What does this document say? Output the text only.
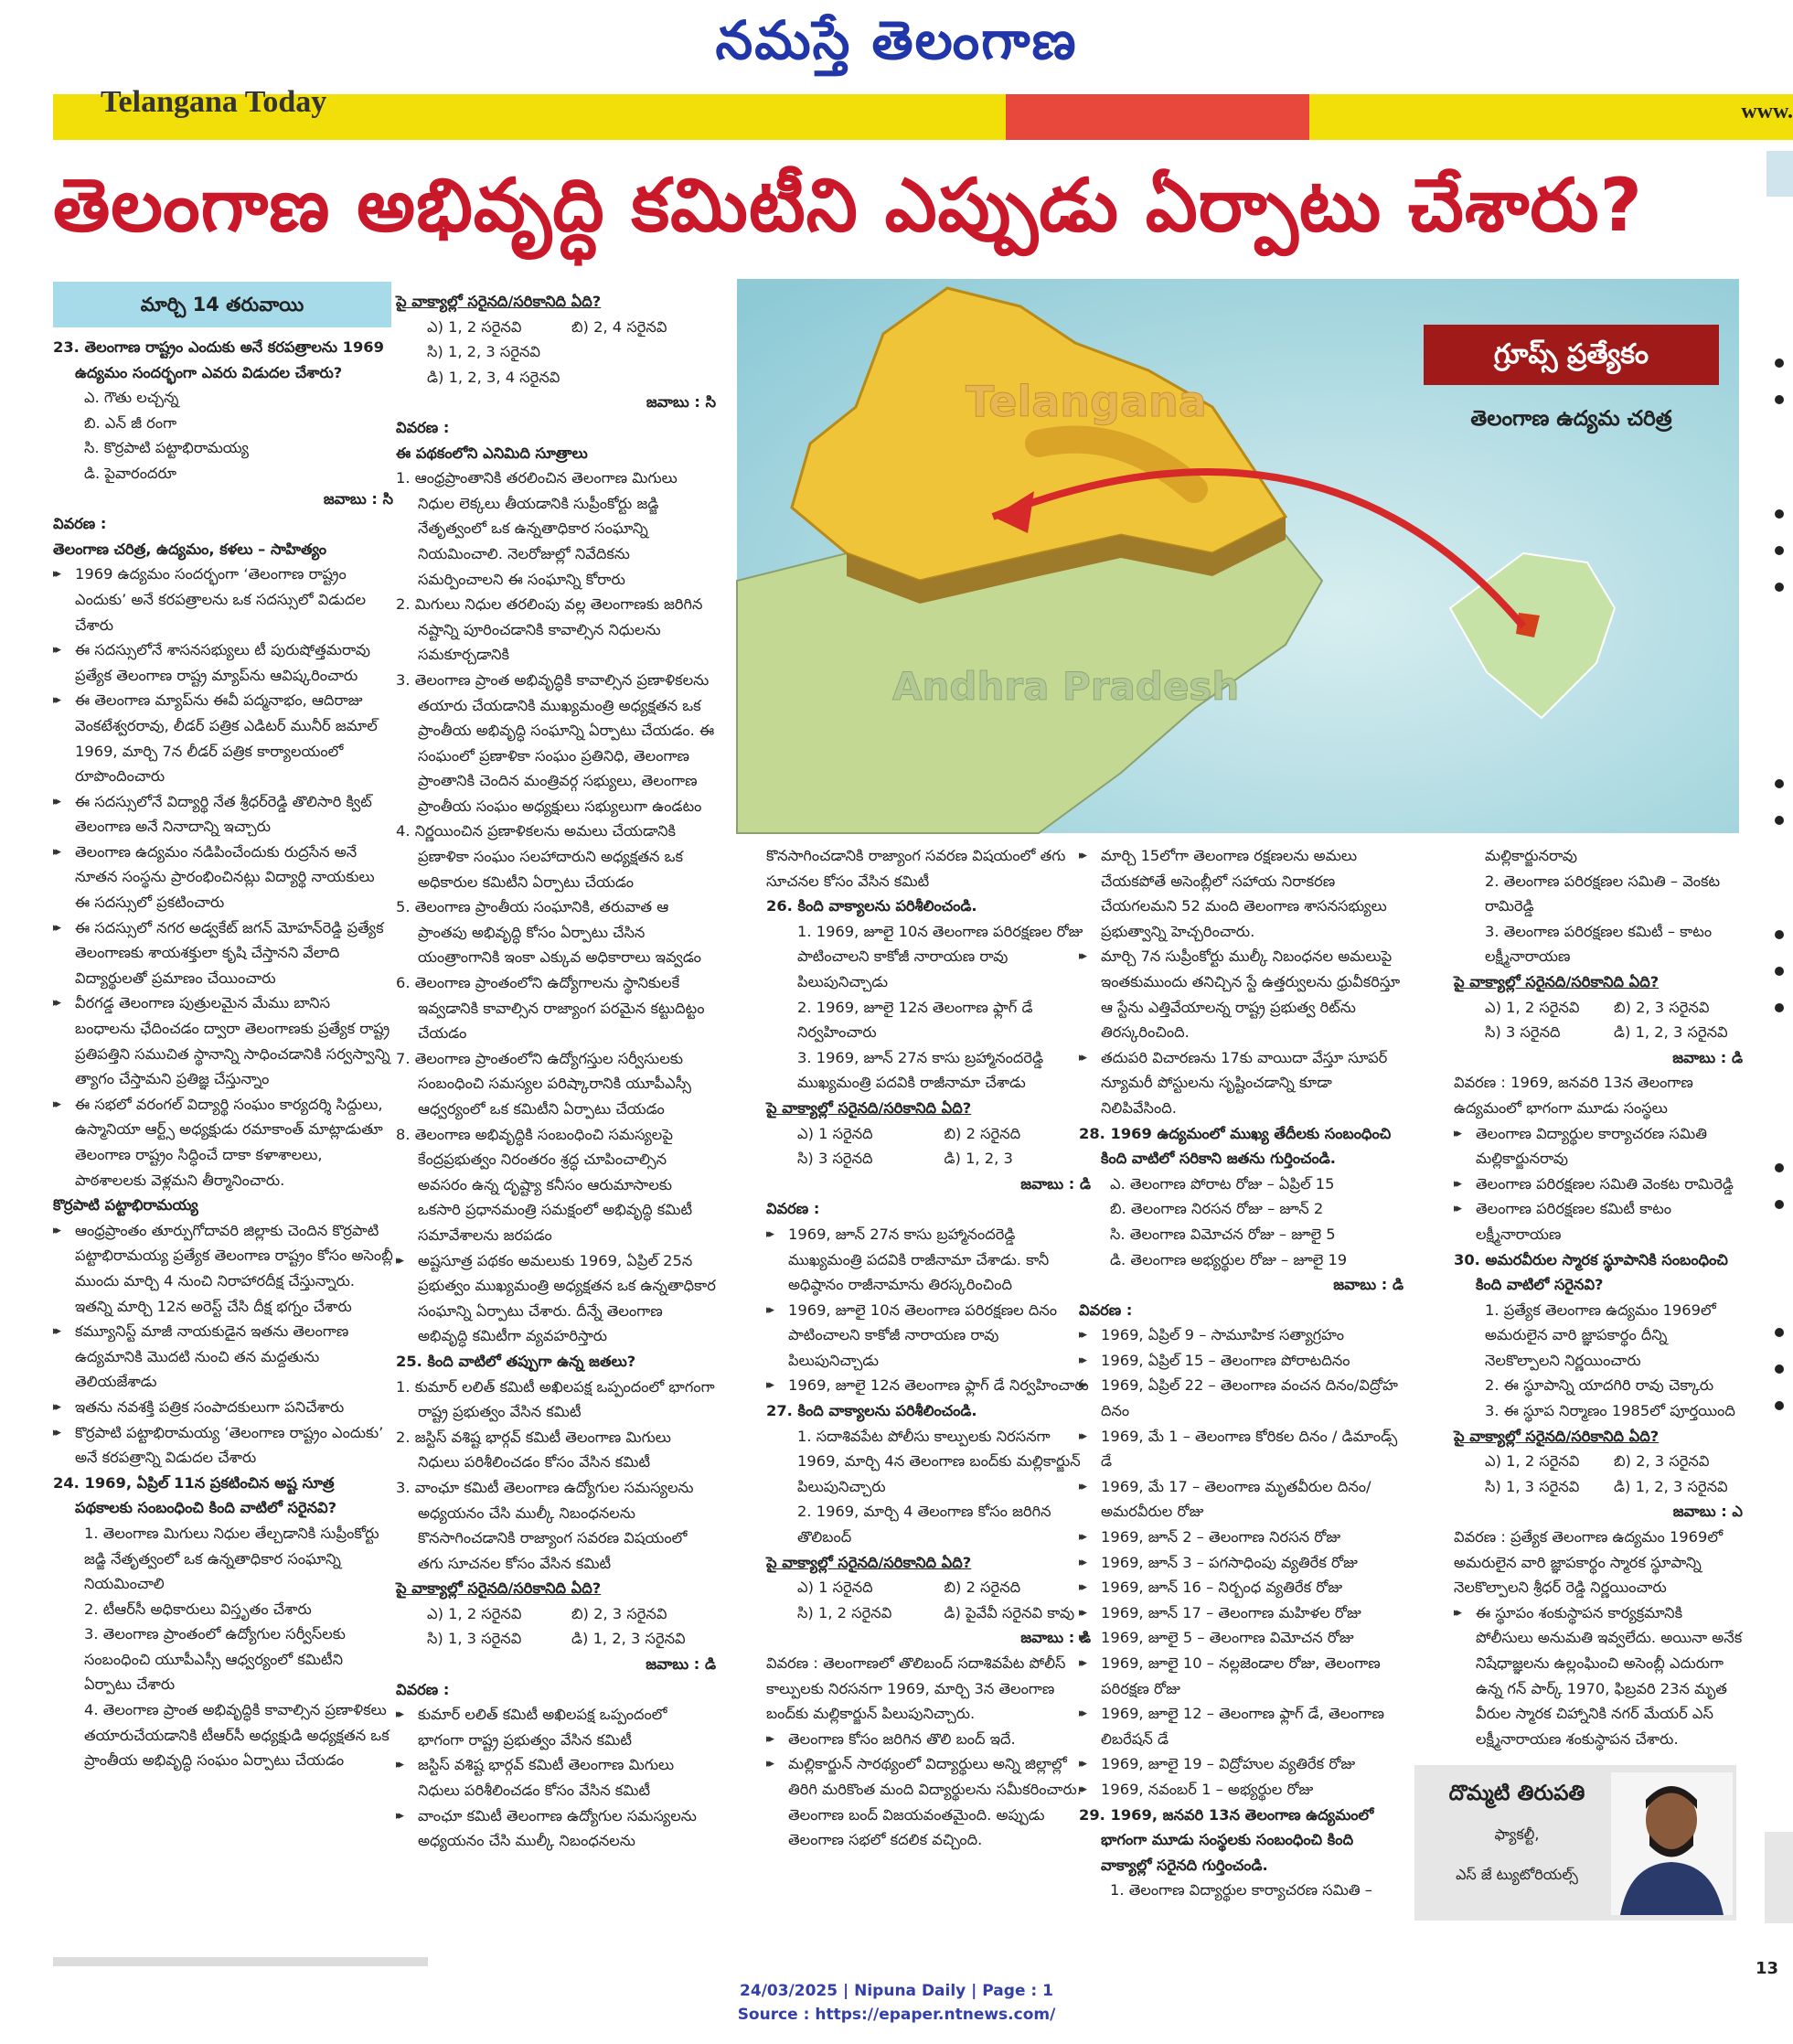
నమస్తే తెలంగాణ
Telangana Today	www.
తెలంగాణ అభివృద్ధి కమిటీని ఎప్పుడు ఏర్పాటు చేశారు?
మార్చి 14 తరువాయి

23. తెలంగాణ రాష్ట్రం ఎందుకు అనే కరపత్రాలను 1969 ఉద్యమం సందర్భంగా ఎవరు విడుదల చేశారు?

ఎ. గౌతు లచ్చన్న

బి. ఎన్ జీ రంగా

సి. కొర్రపాటి పట్టాభిరామయ్య

డి. పైవారందరూ

జవాబు : సి

వివరణ :

తెలంగాణ చరిత్ర, ఉద్యమం, కళలు – సాహిత్యం

▸▸ 1969 ఉద్యమం సందర్భంగా ‘తెలంగాణ రాష్ట్రం ఎందుకు’ అనే కరపత్రాలను ఒక సదస్సులో విడుదల చేశారు

▸▸ ఈ సదస్సులోనే శాసనసభ్యులు టీ పురుషోత్తమరావు ప్రత్యేక తెలంగాణ రాష్ట్ర మ్యాప్‌ను ఆవిష్కరించారు

▸▸ ఈ తెలంగాణ మ్యాప్‌ను ఈవీ పద్మనాభం, ఆదిరాజు వెంకటేశ్వరరావు, లీడర్ పత్రిక ఎడిటర్ మునీర్ జమాల్ 1969, మార్చి 7న లీడర్ పత్రిక కార్యాలయంలో రూపొందించారు

▸▸ ఈ సదస్సులోనే విద్యార్థి నేత శ్రీధర్‌రెడ్డి తొలిసారి క్విట్ తెలంగాణ అనే నినాదాన్ని ఇచ్చారు

▸▸ తెలంగాణ ఉద్యమం నడిపించేందుకు రుద్రసేన అనే నూతన సంస్థను ప్రారంభించినట్లు విద్యార్థి నాయకులు ఈ సదస్సులో ప్రకటించారు

▸▸ ఈ సదస్సులో నగర అడ్వకేట్ జగన్ మోహన్‌రెడ్డి ప్రత్యేక తెలంగాణకు శాయశక్తులా కృషి చేస్తానని వేలాది విద్యార్థులతో ప్రమాణం చేయించారు

▸▸ వీరగడ్డ తెలంగాణ పుత్రులమైన మేము బానిస బంధాలను ఛేదించడం ద్వారా తెలంగాణకు ప్రత్యేక రాష్ట్ర ప్రతిపత్తిని సముచిత స్థానాన్ని సాధించడానికి సర్వస్వాన్ని త్యాగం చేస్తామని ప్రతిజ్ఞ చేస్తున్నాం

▸▸ ఈ సభలో వరంగల్ విద్యార్థి సంఘం కార్యదర్శి సిద్దులు, ఉస్మానియా ఆర్ట్స్ అధ్యక్షుడు రమాకాంత్ మాట్లాడుతూ తెలంగాణ రాష్ట్రం సిద్ధించే దాకా కళాశాలలు, పాఠశాలలకు వెళ్లమని తీర్మానించారు.

కొర్రపాటి పట్టాభిరామయ్య

▸▸ ఆంధ్రప్రాంతం తూర్పుగోదావరి జిల్లాకు చెందిన కొర్రపాటి పట్టాభిరామయ్య ప్రత్యేక తెలంగాణ రాష్ట్రం కోసం అసెంబ్లీ ముందు మార్చి 4 నుంచి నిరాహారదీక్ష చేస్తున్నారు. ఇతన్ని మార్చి 12న అరెస్ట్ చేసి దీక్ష భగ్నం చేశారు

▸▸ కమ్యూనిస్ట్ మాజీ నాయకుడైన ఇతను తెలంగాణ ఉద్యమానికి మొదటి నుంచి తన మద్దతును తెలియజేశాడు

▸▸ ఇతను నవశక్తి పత్రిక సంపాదకులుగా పనిచేశారు

▸▸ కొర్రపాటి పట్టాభిరామయ్య ‘తెలంగాణ రాష్ట్రం ఎందుకు’ అనే కరపత్రాన్ని విడుదల చేశారు

24. 1969, ఏప్రిల్ 11న ప్రకటించిన అష్ట సూత్ర పథకాలకు సంబంధించి కింది వాటిలో సరైనవి?

1. తెలంగాణ మిగులు నిధుల తేల్చడానికి సుప్రీంకోర్టు జడ్జి నేతృత్వంలో ఒక ఉన్నతాధికార సంఘాన్ని నియమించాలి

2. టీఆర్‌సీ అధికారులు విస్తృతం చేశారు

3. తెలంగాణ ప్రాంతంలో ఉద్యోగుల సర్వీస్‌లకు సంబంధించి యూపీఎస్సీ ఆధ్వర్యంలో కమిటీని ఏర్పాటు చేశారు

4. తెలంగాణ ప్రాంత అభివృద్ధికి కావాల్సిన ప్రణాళికలు తయారుచేయడానికి టీఆర్‌సీ అధ్యక్షుడి అధ్యక్షతన ఒక ప్రాంతీయ అభివృద్ధి సంఘం ఏర్పాటు చేయడం

పై వాక్యాల్లో సరైనది/సరికానిది ఏది?

ఎ) 1, 2 సరైనవి	బి) 2, 4 సరైనవి

సి) 1, 2, 3 సరైనవి

డి) 1, 2, 3, 4 సరైనవి

జవాబు : సి

వివరణ :

ఈ పథకంలోని ఎనిమిది సూత్రాలు

1. ఆంధ్రప్రాంతానికి తరలించిన తెలంగాణ మిగులు నిధుల లెక్కలు తీయడానికి సుప్రీంకోర్టు జడ్జి నేతృత్వంలో ఒక ఉన్నతాధికార సంఘాన్ని నియమించాలి. నెలరోజుల్లో నివేదికను సమర్పించాలని ఈ సంఘాన్ని కోరారు

2. మిగులు నిధుల తరలింపు వల్ల తెలంగాణకు జరిగిన నష్టాన్ని పూరించడానికి కావాల్సిన నిధులను సమకూర్చడానికి

3. తెలంగాణ ప్రాంత అభివృద్ధికి కావాల్సిన ప్రణాళికలను తయారు చేయడానికి ముఖ్యమంత్రి అధ్యక్షతన ఒక ప్రాంతీయ అభివృద్ధి సంఘాన్ని ఏర్పాటు చేయడం. ఈ సంఘంలో ప్రణాళికా సంఘం ప్రతినిధి, తెలంగాణ ప్రాంతానికి చెందిన మంత్రివర్గ సభ్యులు, తెలంగాణ ప్రాంతీయ సంఘం అధ్యక్షులు సభ్యులుగా ఉండటం

4. నిర్ణయించిన ప్రణాళికలను అమలు చేయడానికి ప్రణాళికా సంఘం సలహాదారుని అధ్యక్షతన ఒక అధికారుల కమిటీని ఏర్పాటు చేయడం

5. తెలంగాణ ప్రాంతీయ సంఘానికి, తరువాత ఆ ప్రాంతపు అభివృద్ధి కోసం ఏర్పాటు చేసిన యంత్రాంగానికి ఇంకా ఎక్కువ అధికారాలు ఇవ్వడం

6. తెలంగాణ ప్రాంతంలోని ఉద్యోగాలను స్థానికులకే ఇవ్వడానికి కావాల్సిన రాజ్యాంగ పరమైన కట్టుదిట్టం చేయడం

7. తెలంగాణ ప్రాంతంలోని ఉద్యోగస్తుల సర్వీసులకు సంబంధించి సమస్యల పరిష్కారానికి యూపీఎస్సీ ఆధ్వర్యంలో ఒక కమిటీని ఏర్పాటు చేయడం

8. తెలంగాణ అభివృద్ధికి సంబంధించి సమస్యలపై కేంద్రప్రభుత్వం నిరంతరం శ్రద్ధ చూపించాల్సిన అవసరం ఉన్న దృష్ట్యా కనీసం ఆరుమాసాలకు ఒకసారి ప్రధానమంత్రి సమక్షంలో అభివృద్ధి కమిటీ సమావేశాలను జరపడం

▸▸ అష్టసూత్ర పథకం అమలుకు 1969, ఏప్రిల్ 25న ప్రభుత్వం ముఖ్యమంత్రి అధ్యక్షతన ఒక ఉన్నతాధికార సంఘాన్ని ఏర్పాటు చేశారు. దీన్నే తెలంగాణ అభివృద్ధి కమిటీగా వ్యవహరిస్తారు

25. కింది వాటిలో తప్పుగా ఉన్న జతలు?

1. కుమార్ లలిత్ కమిటీ అఖిలపక్ష ఒప్పందంలో భాగంగా రాష్ట్ర ప్రభుత్వం వేసిన కమిటీ

2. జస్టిస్ వశిష్ట భార్గవ్ కమిటీ తెలంగాణ మిగులు నిధులు పరిశీలించడం కోసం వేసిన కమిటీ

3. వాంఛూ కమిటీ తెలంగాణ ఉద్యోగుల సమస్యలను అధ్యయనం చేసి ముల్కీ నిబంధనలను కొనసాగించడానికి రాజ్యాంగ సవరణ విషయంలో తగు సూచనల కోసం వేసిన కమిటీ

పై వాక్యాల్లో సరైనది/సరికానిది ఏది?

ఎ) 1, 2 సరైనవి	బి) 2, 3 సరైనవి
సి) 1, 3 సరైనవి	డి) 1, 2, 3 సరైనవి

జవాబు : డి

వివరణ :

▸▸ కుమార్ లలిత్ కమిటీ అఖిలపక్ష ఒప్పందంలో భాగంగా రాష్ట్ర ప్రభుత్వం వేసిన కమిటీ

▸▸ జస్టిస్ వశిష్ట భార్గవ్ కమిటీ తెలంగాణ మిగులు నిధులు పరిశీలించడం కోసం వేసిన కమిటీ

▸▸ వాంఛూ కమిటీ తెలంగాణ ఉద్యోగుల సమస్యలను అధ్యయనం చేసి ముల్కీ నిబంధనలను

Telangana
Andhra Pradesh
గ్రూప్స్ ప్రత్యేకం
తెలంగాణ ఉద్యమ చరిత్ర

కొనసాగించడానికి రాజ్యాంగ సవరణ విషయంలో తగు సూచనల కోసం వేసిన కమిటీ

26. కింది వాక్యాలను పరిశీలించండి.

1. 1969, జూలై 10న తెలంగాణ పరిరక్షణల రోజు పాటించాలని కాకోజీ నారాయణ రావు పిలుపునిచ్చాడు

2. 1969, జూలై 12న తెలంగాణ ఫ్లాగ్ డే నిర్వహించారు

3. 1969, జూన్ 27న కాసు బ్రహ్మానందరెడ్డి ముఖ్యమంత్రి పదవికి రాజీనామా చేశాడు

పై వాక్యాల్లో సరైనది/సరికానిది ఏది?

ఎ) 1 సరైనది	బి) 2 సరైనది
సి) 3 సరైనది	డి) 1, 2, 3

జవాబు : డి

వివరణ :

▸▸ 1969, జూన్ 27న కాసు బ్రహ్మానందరెడ్డి ముఖ్యమంత్రి పదవికి రాజీనామా చేశాడు. కానీ అధిష్ఠానం రాజీనామాను తిరస్కరించింది

▸▸ 1969, జూలై 10న తెలంగాణ పరిరక్షణల దినం పాటించాలని కాకోజీ నారాయణ రావు పిలుపునిచ్చాడు

▸▸ 1969, జూలై 12న తెలంగాణ ఫ్లాగ్ డే నిర్వహించారు

27. కింది వాక్యాలను పరిశీలించండి.

1. సదాశివపేట పోలీసు కాల్పులకు నిరసనగా 1969, మార్చి 4న తెలంగాణ బంద్‌కు మల్లికార్జున్ పిలుపునిచ్చారు

2. 1969, మార్చి 4 తెలంగాణ కోసం జరిగిన తొలిబంద్

పై వాక్యాల్లో సరైనది/సరికానిది ఏది?

ఎ) 1 సరైనది	బి) 2 సరైనది
సి) 1, 2 సరైనవి	డి) పైవేవీ సరైనవి కావు

జవాబు : డి

వివరణ : తెలంగాణలో తొలిబంద్ సదాశివపేట పోలీస్ కాల్పులకు నిరసనగా 1969, మార్చి 3న తెలంగాణ బంద్‌కు మల్లికార్జున్ పిలుపునిచ్చారు.

▸▸ తెలంగాణ కోసం జరిగిన తొలి బంద్ ఇదే.

▸▸ మల్లికార్జున్ సారథ్యంలో విద్యార్థులు అన్ని జిల్లాల్లో తిరిగి మరికొంత మంది విద్యార్థులను సమీకరించారు. తెలంగాణ బంద్ విజయవంతమైంది. అప్పుడు తెలంగాణ సభలో కదలిక వచ్చింది.

▸▸ మార్చి 15లోగా తెలంగాణ రక్షణలను అమలు చేయకపోతే అసెంబ్లీలో సహాయ నిరాకరణ చేయగలమని 52 మంది తెలంగాణ శాసనసభ్యులు ప్రభుత్వాన్ని హెచ్చరించారు.

▸▸ మార్చి 7న సుప్రీంకోర్టు ముల్కీ నిబంధనల అమలుపై ఇంతకుముందు తనిచ్చిన స్టే ఉత్తర్వులను ధ్రువీకరిస్తూ ఆ స్టేను ఎత్తివేయాలన్న రాష్ట్ర ప్రభుత్వ రిట్‌ను తిరస్కరించింది.

▸▸ తదుపరి విచారణను 17కు వాయిదా వేస్తూ సూపర్ న్యూమరీ పోస్టులను సృష్టించడాన్ని కూడా నిలిపివేసింది.

28. 1969 ఉద్యమంలో ముఖ్య తేదీలకు సంబంధించి కింది వాటిలో సరికాని జతను గుర్తించండి.

ఎ. తెలంగాణ పోరాట రోజు – ఏప్రిల్ 15

బి. తెలంగాణ నిరసన రోజు – జూన్ 2

సి. తెలంగాణ విమోచన రోజు – జూలై 5

డి. తెలంగాణ అభ్యర్థుల రోజు – జూలై 19

జవాబు : డి

వివరణ :

▸▸ 1969, ఏప్రిల్ 9 – సామూహిక సత్యాగ్రహం

▸▸ 1969, ఏప్రిల్ 15 – తెలంగాణ పోరాటదినం

▸▸ 1969, ఏప్రిల్ 22 – తెలంగాణ వంచన దినం/విద్రోహ దినం

▸▸ 1969, మే 1 – తెలంగాణ కోరికల దినం / డిమాండ్స్ డే

▸▸ 1969, మే 17 – తెలంగాణ మృతవీరుల దినం/ అమరవీరుల రోజు

▸▸ 1969, జూన్ 2 – తెలంగాణ నిరసన రోజు

▸▸ 1969, జూన్ 3 – పగసాధింపు వ్యతిరేక రోజు

▸▸ 1969, జూన్ 16 – నిర్బంధ వ్యతిరేక రోజు

▸▸ 1969, జూన్ 17 – తెలంగాణ మహిళల రోజు

▸▸ 1969, జూలై 5 – తెలంగాణ విమోచన రోజు

▸▸ 1969, జూలై 10 – నల్లజెండాల రోజు, తెలంగాణ పరిరక్షణ రోజు

▸▸ 1969, జూలై 12 – తెలంగాణ ఫ్లాగ్ డే, తెలంగాణ లిబరేషన్ డే

▸▸ 1969, జూలై 19 – విద్రోహుల వ్యతిరేక రోజు

▸▸ 1969, నవంబర్ 1 – అభ్యర్థుల రోజు

29. 1969, జనవరి 13న తెలంగాణ ఉద్యమంలో భాగంగా మూడు సంస్థలకు సంబంధించి కింది వాక్యాల్లో సరైనది గుర్తించండి.

1. తెలంగాణ విద్యార్థుల కార్యాచరణ సమితి –

మల్లికార్జునరావు

2. తెలంగాణ పరిరక్షణల సమితి – వెంకట రామిరెడ్డి

3. తెలంగాణ పరిరక్షణల కమిటీ – కాటం లక్ష్మీనారాయణ

పై వాక్యాల్లో సరైనది/సరికానిది ఏది?

ఎ) 1, 2 సరైనవి	బి) 2, 3 సరైనవి
సి) 3 సరైనది	డి) 1, 2, 3 సరైనవి

జవాబు : డి

వివరణ : 1969, జనవరి 13న తెలంగాణ ఉద్యమంలో భాగంగా మూడు సంస్థలు

▸▸ తెలంగాణ విద్యార్థుల కార్యాచరణ సమితి మల్లికార్జునరావు

▸▸ తెలంగాణ పరిరక్షణల సమితి వెంకట రామిరెడ్డి

▸▸ తెలంగాణ పరిరక్షణల కమిటీ కాటం లక్ష్మీనారాయణ

30. అమరవీరుల స్మారక స్థూపానికి సంబంధించి కింది వాటిలో సరైనవి?

1. ప్రత్యేక తెలంగాణ ఉద్యమం 1969లో అమరులైన వారి జ్ఞాపకార్థం దీన్ని నెలకొల్పాలని నిర్ణయించారు

2. ఈ స్థూపాన్ని యాదగిరి రావు చెక్కారు

3. ఈ స్థూప నిర్మాణం 1985లో పూర్తయింది

పై వాక్యాల్లో సరైనది/సరికానిది ఏది?

ఎ) 1, 2 సరైనవి	బి) 2, 3 సరైనవి
సి) 1, 3 సరైనవి	డి) 1, 2, 3 సరైనవి

జవాబు : ఎ

వివరణ : ప్రత్యేక తెలంగాణ ఉద్యమం 1969లో అమరులైన వారి జ్ఞాపకార్థం స్మారక స్థూపాన్ని నెలకొల్పాలని శ్రీధర్ రెడ్డి నిర్ణయించారు

▸▸ ఈ స్థూపం శంకుస్థాపన కార్యక్రమానికి పోలీసులు అనుమతి ఇవ్వలేదు. అయినా అనేక నిషేధాజ్ఞలను ఉల్లంఘించి అసెంబ్లీ ఎదురుగా ఉన్న గన్ పార్క్ 1970, ఫిబ్రవరి 23న మృత వీరుల స్మారక చిహ్నానికి నగర్ మేయర్ ఎస్ లక్ష్మీనారాయణ శంకుస్థాపన చేశారు.

దొమ్మటి తిరుపతి
ఫ్యాకల్టీ,
ఎస్ జే ట్యుటోరియల్స్
13
24/03/2025 | Nipuna Daily | Page : 1
Source : https://epaper.ntnews.com/
